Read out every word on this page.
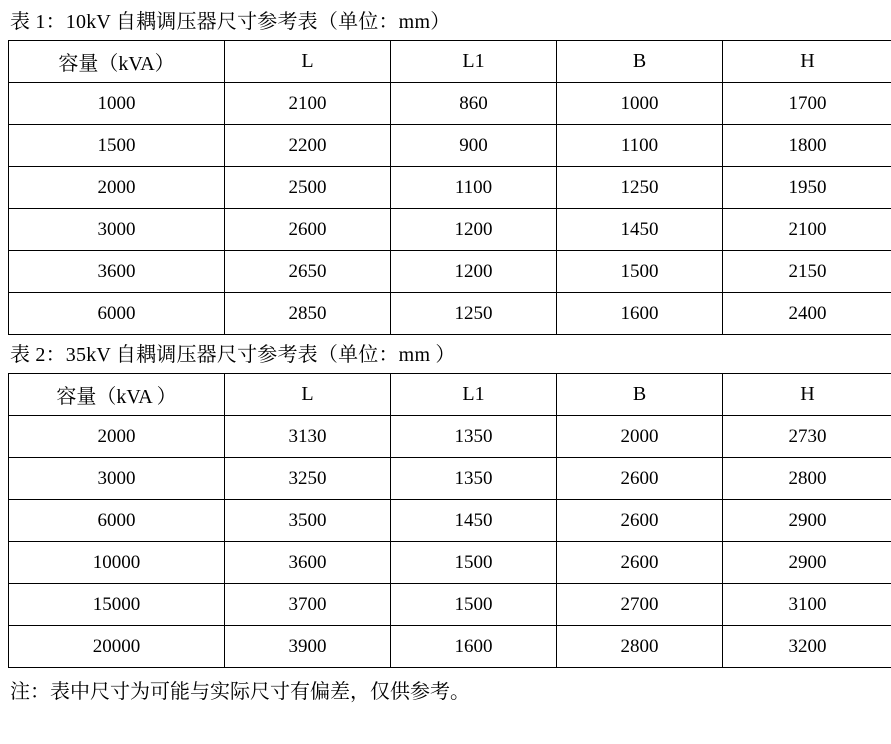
表 1：10kV 自耦调压器尺寸参考表（单位：mm）
容量（kVA）	L	L1	B	H
1000	2100	860	1000	1700
1500	2200	900	1100	1800
2000	2500	1100	1250	1950
3000	2600	1200	1450	2100
3600	2650	1200	1500	2150
6000	2850	1250	1600	2400
表 2：35kV 自耦调压器尺寸参考表（单位：mm ）
容量（kVA ）	L	L1	B	H
2000	3130	1350	2000	2730
3000	3250	1350	2600	2800
6000	3500	1450	2600	2900
10000	3600	1500	2600	2900
15000	3700	1500	2700	3100
20000	3900	1600	2800	3200
注：表中尺寸为可能与实际尺寸有偏差，仅供参考。
